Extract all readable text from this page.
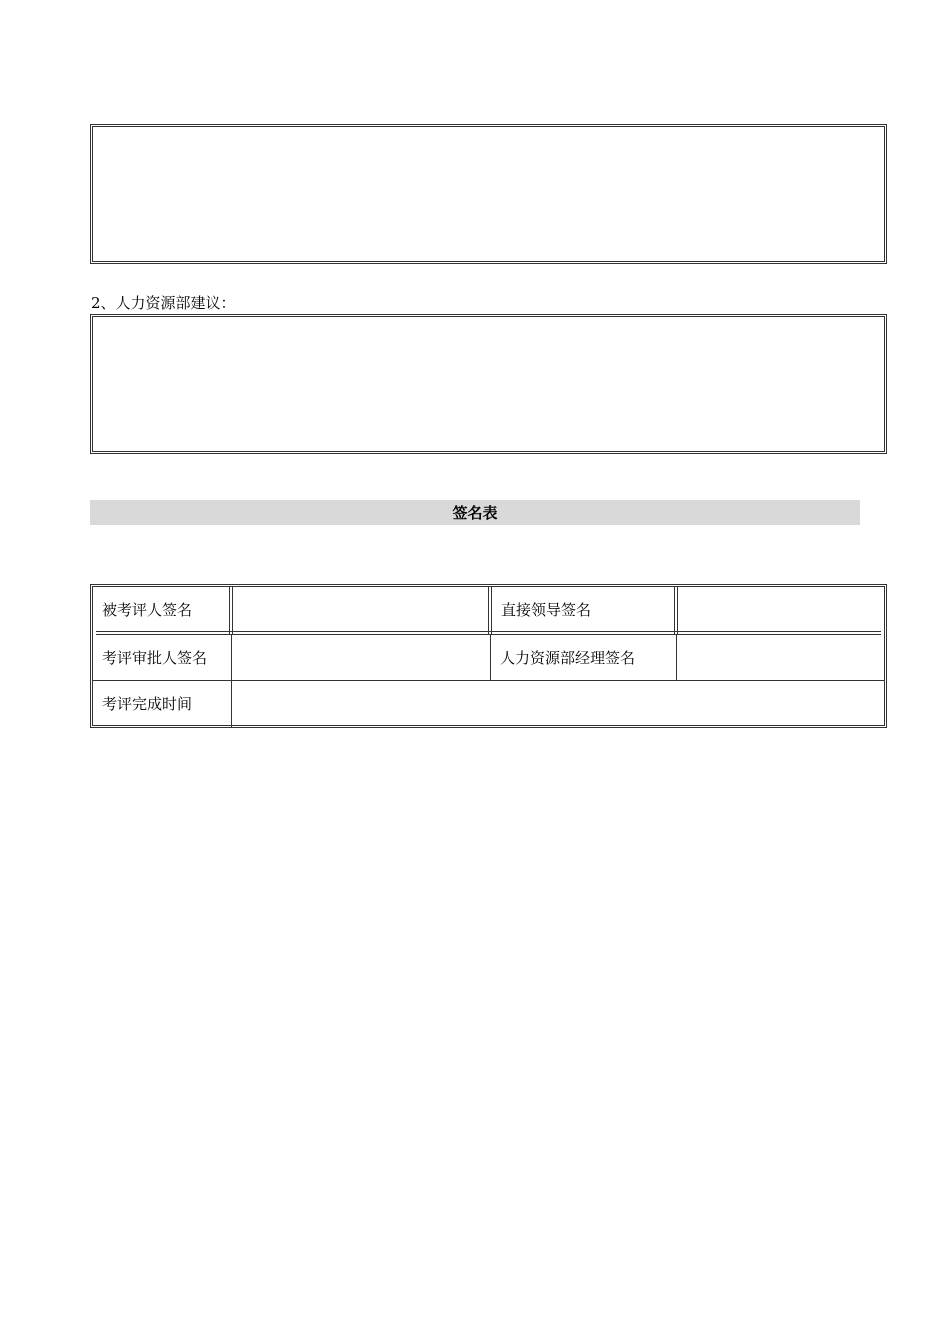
2、人力资源部建议：
签名表
被考评人签名	直接领导签名
考评审批人签名	人力资源部经理签名
考评完成时间
